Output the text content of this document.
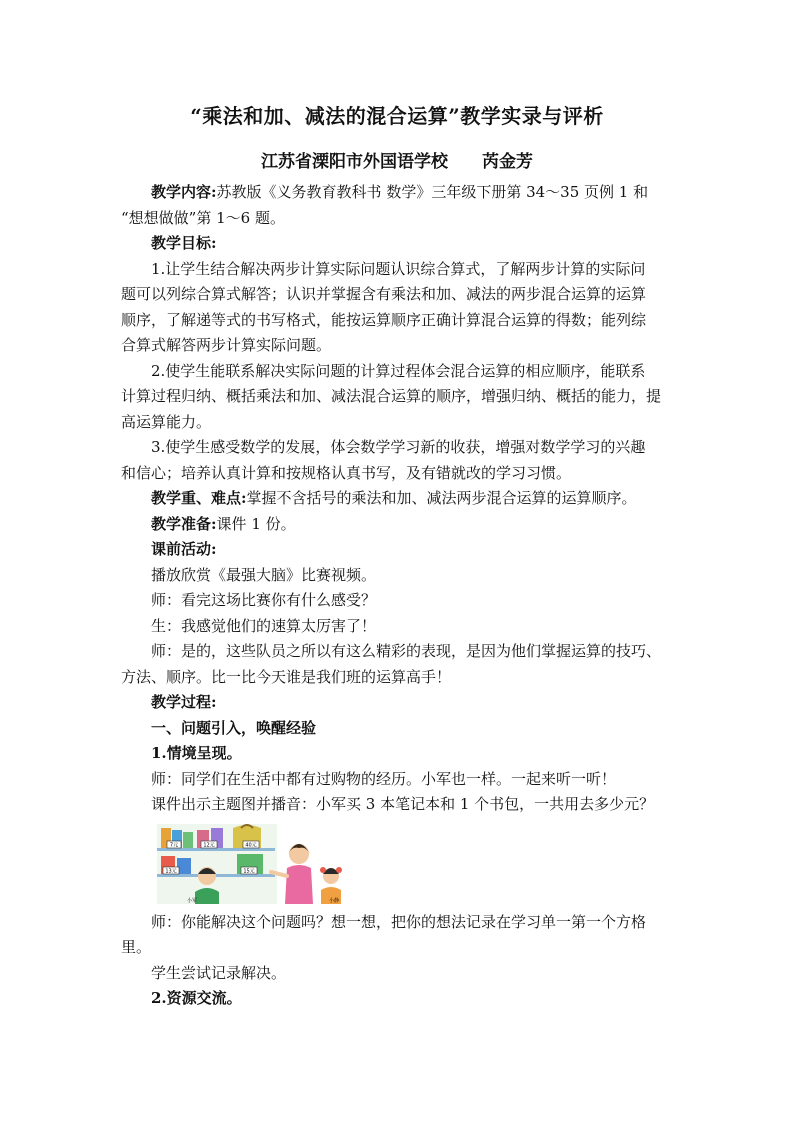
“乘法和加、减法的混合运算”教学实录与评析
江苏省溧阳市外国语学校 芮金芳

教学内容:苏教版《义务教育教科书 数学》三年级下册第 34～35 页例 1 和

“想想做做”第 1～6 题。

教学目标:

1.让学生结合解决两步计算实际问题认识综合算式，了解两步计算的实际问

题可以列综合算式解答；认识并掌握含有乘法和加、减法的两步混合运算的运算

顺序，了解递等式的书写格式，能按运算顺序正确计算混合运算的得数；能列综

合算式解答两步计算实际问题。

2.使学生能联系解决实际问题的计算过程体会混合运算的相应顺序，能联系

计算过程归纳、概括乘法和加、减法混合运算的顺序，增强归纳、概括的能力，提

高运算能力。

3.使学生感受数学的发展，体会数学学习新的收获，增强对数学学习的兴趣

和信心；培养认真计算和按规格认真书写，及有错就改的学习习惯。

教学重、难点:掌握不含括号的乘法和加、减法两步混合运算的运算顺序。

教学准备:课件 1 份。

课前活动:

播放欣赏《最强大脑》比赛视频。

师：看完这场比赛你有什么感受？

生：我感觉他们的速算太厉害了！

师：是的，这些队员之所以有这么精彩的表现，是因为他们掌握运算的技巧、

方法、顺序。比一比今天谁是我们班的运算高手！

教学过程:

一、问题引入，唤醒经验

1.情境呈现。

师：同学们在生活中都有过购物的经历。小军也一样。一起来听一听！

课件出示主题图并播音：小军买 3 本笔记本和 1 个书包，一共用去多少元？

7元	12元	40元
13元	15元
小军	小静

师：你能解决这个问题吗？想一想，把你的想法记录在学习单一第一个方格

里。

学生尝试记录解决。

2.资源交流。
